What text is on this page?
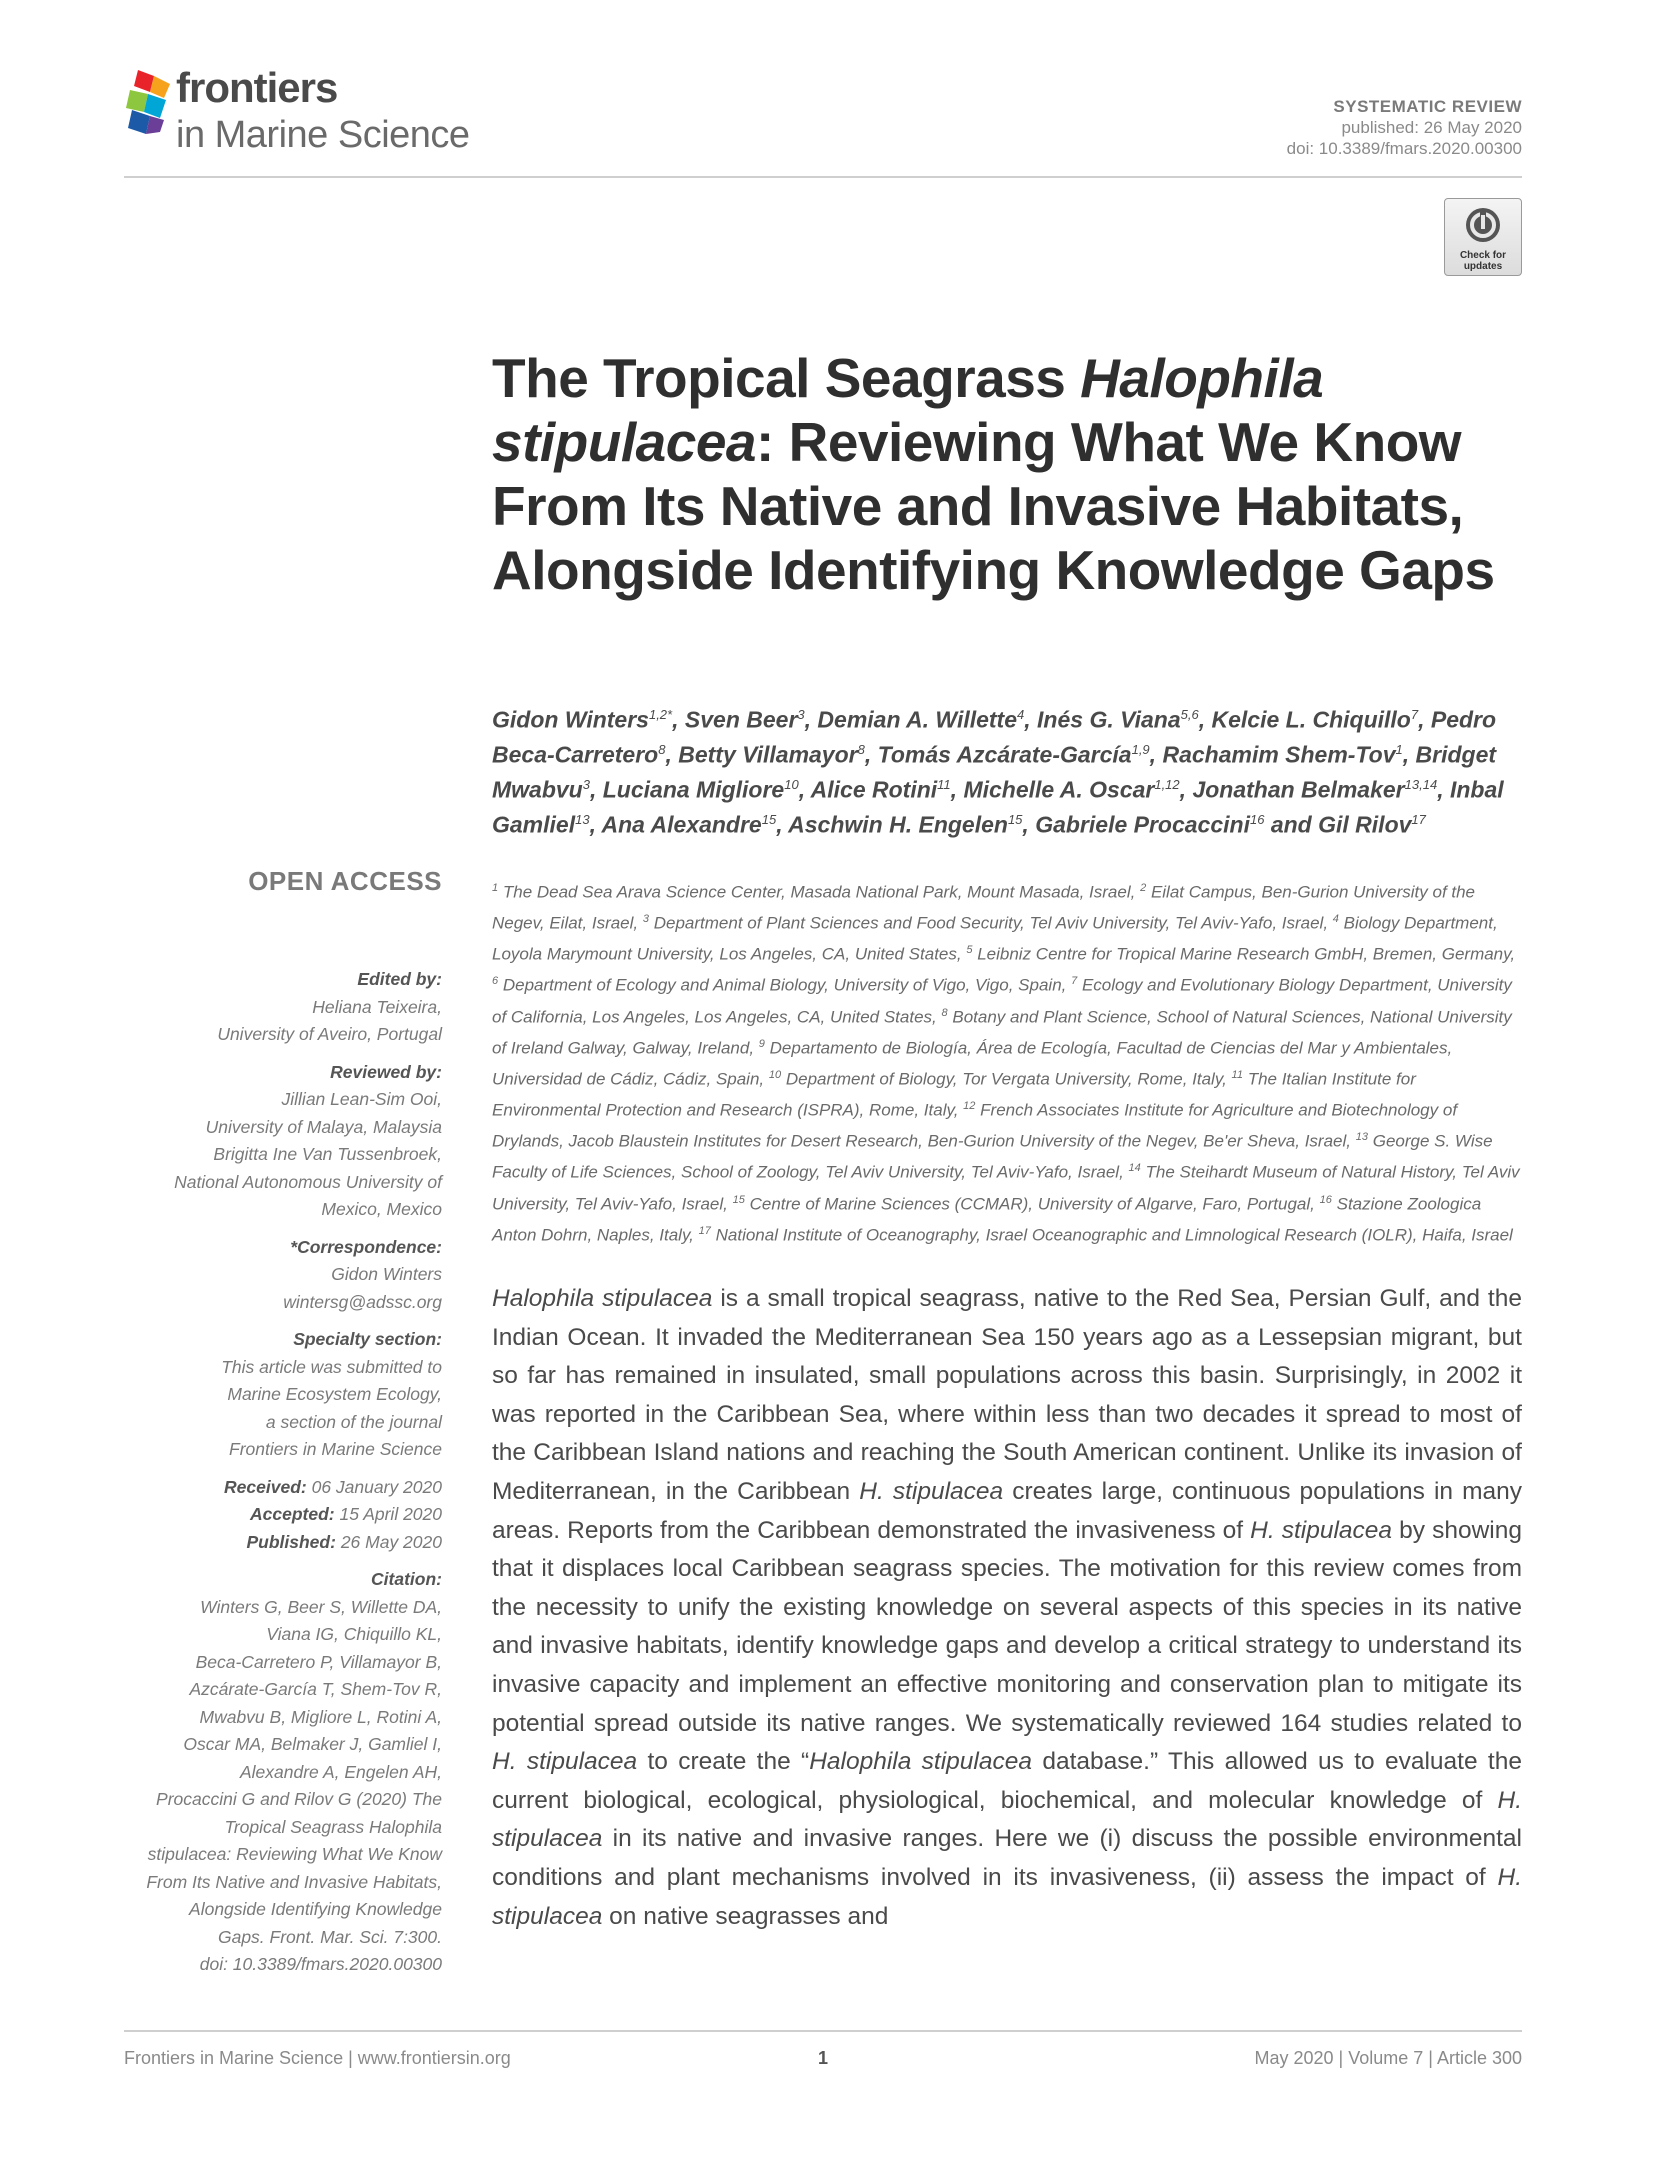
frontiers
in Marine Science
SYSTEMATIC REVIEW
published: 26 May 2020
doi: 10.3389/fmars.2020.00300
Check for updates
The Tropical Seagrass Halophila stipulacea: Reviewing What We Know From Its Native and Invasive Habitats, Alongside Identifying Knowledge Gaps
Gidon Winters$^{1,2*}$, Sven Beer$^3$, Demian A. Willette$^4$, Inés G. Viana$^{5,6}$, Kelcie L. Chiquillo$^7$, Pedro Beca-Carretero$^8$, Betty Villamayor$^8$, Tomás Azcárate-García$^{1,9}$, Rachamim Shem-Tov$^1$, Bridget Mwabvu$^3$, Luciana Migliore$^{10}$, Alice Rotini$^{11}$, Michelle A. Oscar$^{1,12}$, Jonathan Belmaker$^{13,14}$, Inbal Gamliel$^{13}$, Ana Alexandre$^{15}$, Aschwin H. Engelen$^{15}$, Gabriele Procaccini$^{16}$ and Gil Rilov$^{17}$
$^1$ The Dead Sea Arava Science Center, Masada National Park, Mount Masada, Israel, $^2$ Eilat Campus, Ben-Gurion University of the Negev, Eilat, Israel, $^3$ Department of Plant Sciences and Food Security, Tel Aviv University, Tel Aviv-Yafo, Israel, $^4$ Biology Department, Loyola Marymount University, Los Angeles, CA, United States, $^5$ Leibniz Centre for Tropical Marine Research GmbH, Bremen, Germany, $^6$ Department of Ecology and Animal Biology, University of Vigo, Vigo, Spain, $^7$ Ecology and Evolutionary Biology Department, University of California, Los Angeles, Los Angeles, CA, United States, $^8$ Botany and Plant Science, School of Natural Sciences, National University of Ireland Galway, Galway, Ireland, $^9$ Departamento de Biología, Área de Ecología, Facultad de Ciencias del Mar y Ambientales, Universidad de Cádiz, Cádiz, Spain, $^{10}$ Department of Biology, Tor Vergata University, Rome, Italy, $^{11}$ The Italian Institute for Environmental Protection and Research (ISPRA), Rome, Italy, $^{12}$ French Associates Institute for Agriculture and Biotechnology of Drylands, Jacob Blaustein Institutes for Desert Research, Ben-Gurion University of the Negev, Be'er Sheva, Israel, $^{13}$ George S. Wise Faculty of Life Sciences, School of Zoology, Tel Aviv University, Tel Aviv-Yafo, Israel, $^{14}$ The Steihardt Museum of Natural History, Tel Aviv University, Tel Aviv-Yafo, Israel, $^{15}$ Centre of Marine Sciences (CCMAR), University of Algarve, Faro, Portugal, $^{16}$ Stazione Zoologica Anton Dohrn, Naples, Italy, $^{17}$ National Institute of Oceanography, Israel Oceanographic and Limnological Research (IOLR), Haifa, Israel
OPEN ACCESS
Edited by:
Heliana Teixeira,
University of Aveiro, Portugal
Reviewed by:
Jillian Lean-Sim Ooi,
University of Malaya, Malaysia
Brigitta Ine Van Tussenbroek,
National Autonomous University of
Mexico, Mexico
*Correspondence:
Gidon Winters
wintersg@adssc.org
Specialty section:
This article was submitted to
Marine Ecosystem Ecology,
a section of the journal
Frontiers in Marine Science
Received: 06 January 2020
Accepted: 15 April 2020
Published: 26 May 2020
Citation:
Winters G, Beer S, Willette DA,
Viana IG, Chiquillo KL,
Beca-Carretero P, Villamayor B,
Azcárate-García T, Shem-Tov R,
Mwabvu B, Migliore L, Rotini A,
Oscar MA, Belmaker J, Gamliel I,
Alexandre A, Engelen AH,
Procaccini G and Rilov G (2020) The
Tropical Seagrass Halophila
stipulacea: Reviewing What We Know
From Its Native and Invasive Habitats,
Alongside Identifying Knowledge
Gaps. Front. Mar. Sci. 7:300.
doi: 10.3389/fmars.2020.00300
Halophila stipulacea is a small tropical seagrass, native to the Red Sea, Persian Gulf, and the Indian Ocean. It invaded the Mediterranean Sea 150 years ago as a Lessepsian migrant, but so far has remained in insulated, small populations across this basin. Surprisingly, in 2002 it was reported in the Caribbean Sea, where within less than two decades it spread to most of the Caribbean Island nations and reaching the South American continent. Unlike its invasion of Mediterranean, in the Caribbean H. stipulacea creates large, continuous populations in many areas. Reports from the Caribbean demonstrated the invasiveness of H. stipulacea by showing that it displaces local Caribbean seagrass species. The motivation for this review comes from the necessity to unify the existing knowledge on several aspects of this species in its native and invasive habitats, identify knowledge gaps and develop a critical strategy to understand its invasive capacity and implement an effective monitoring and conservation plan to mitigate its potential spread outside its native ranges. We systematically reviewed 164 studies related to H. stipulacea to create the “Halophila stipulacea database.” This allowed us to evaluate the current biological, ecological, physiological, biochemical, and molecular knowledge of H. stipulacea in its native and invasive ranges. Here we (i) discuss the possible environmental conditions and plant mechanisms involved in its invasiveness, (ii) assess the impact of H. stipulacea on native seagrasses and
Frontiers in Marine Science | www.frontiersin.org	1	May 2020 | Volume 7 | Article 300
